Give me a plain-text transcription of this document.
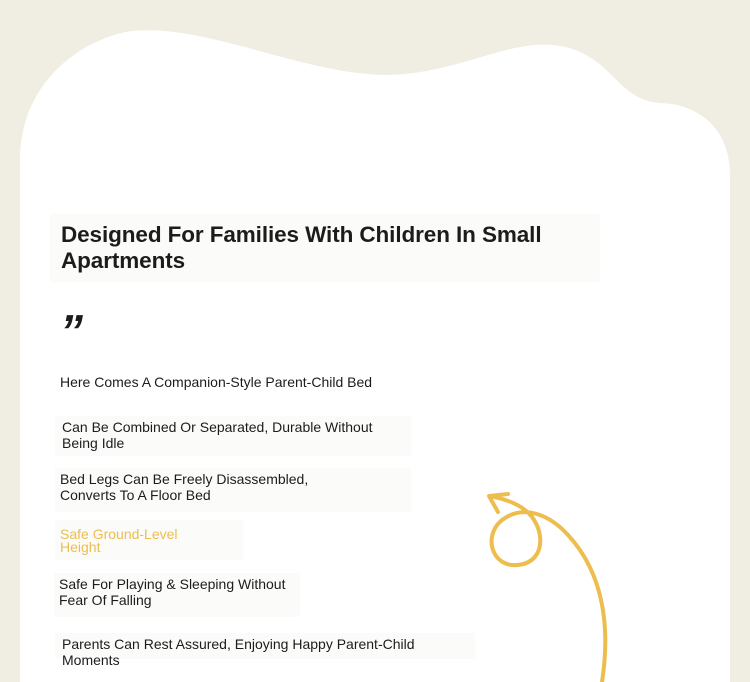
Designed For Families With Children In Small Apartments
”
Here Comes A Companion-Style Parent-Child Bed
Can Be Combined Or Separated, Durable Without Being Idle
Bed Legs Can Be Freely Disassembled, Converts To A Floor Bed
Safe Ground-Level Height
Safe For Playing & Sleeping Without Fear Of Falling
Parents Can Rest Assured, Enjoying Happy Parent-Child Moments
